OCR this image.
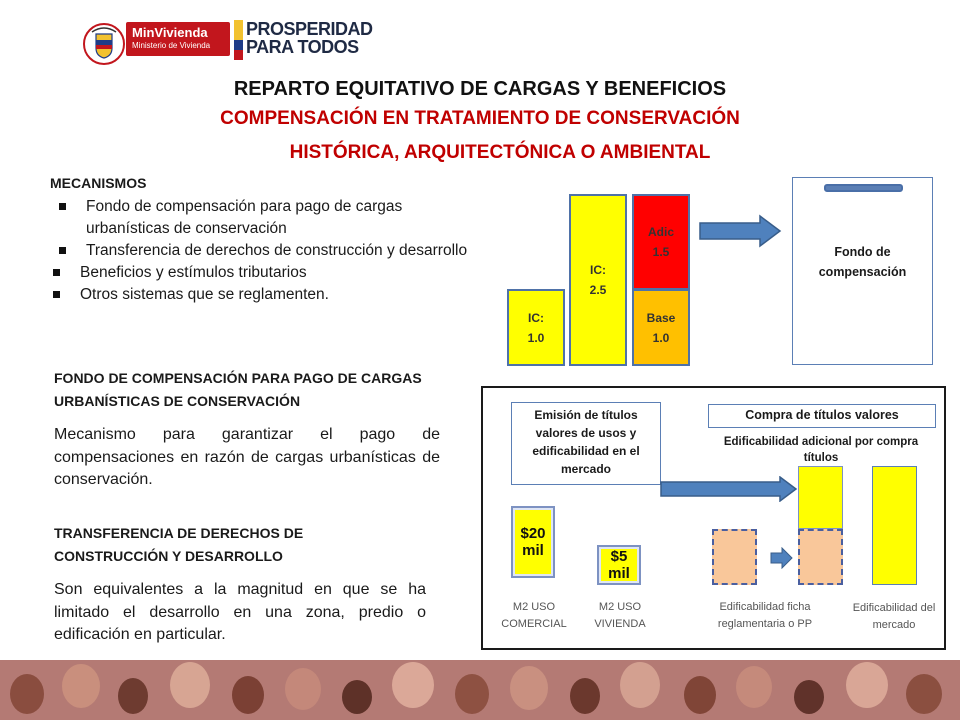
MinVivienda
Ministerio de Vivienda
PROSPERIDAD
PARA TODOS
REPARTO EQUITATIVO DE CARGAS Y BENEFICIOS
COMPENSACIÓN EN TRATAMIENTO DE CONSERVACIÓN
HISTÓRICA, ARQUITECTÓNICA O AMBIENTAL
MECANISMOS
Fondo de compensación para pago de cargas urbanísticas de conservación
Transferencia de derechos de construcción y desarrollo
Beneficios y estímulos tributarios
Otros sistemas que se reglamenten.
FONDO DE COMPENSACIÓN PARA PAGO DE CARGAS URBANÍSTICAS DE CONSERVACIÓN
Mecanismo para garantizar el pago de compensaciones en razón de cargas urbanísticas de conservación.
TRANSFERENCIA DE DERECHOS DE CONSTRUCCIÓN Y DESARROLLO
Son equivalentes a la magnitud en que se ha limitado el desarrollo en una zona, predio o edificación en particular.
IC:
1.0
IC:
2.5
Adic
1.5
Base
1.0
Fondo de compensación
Emisión de títulos valores de usos y edificabilidad en el mercado
Compra de títulos valores
Edificabilidad adicional por compra títulos
$20 mil	$5 mil
M2 USO COMERCIAL
M2 USO VIVIENDA
Edificabilidad ficha reglamentaria o PP
Edificabilidad del mercado
